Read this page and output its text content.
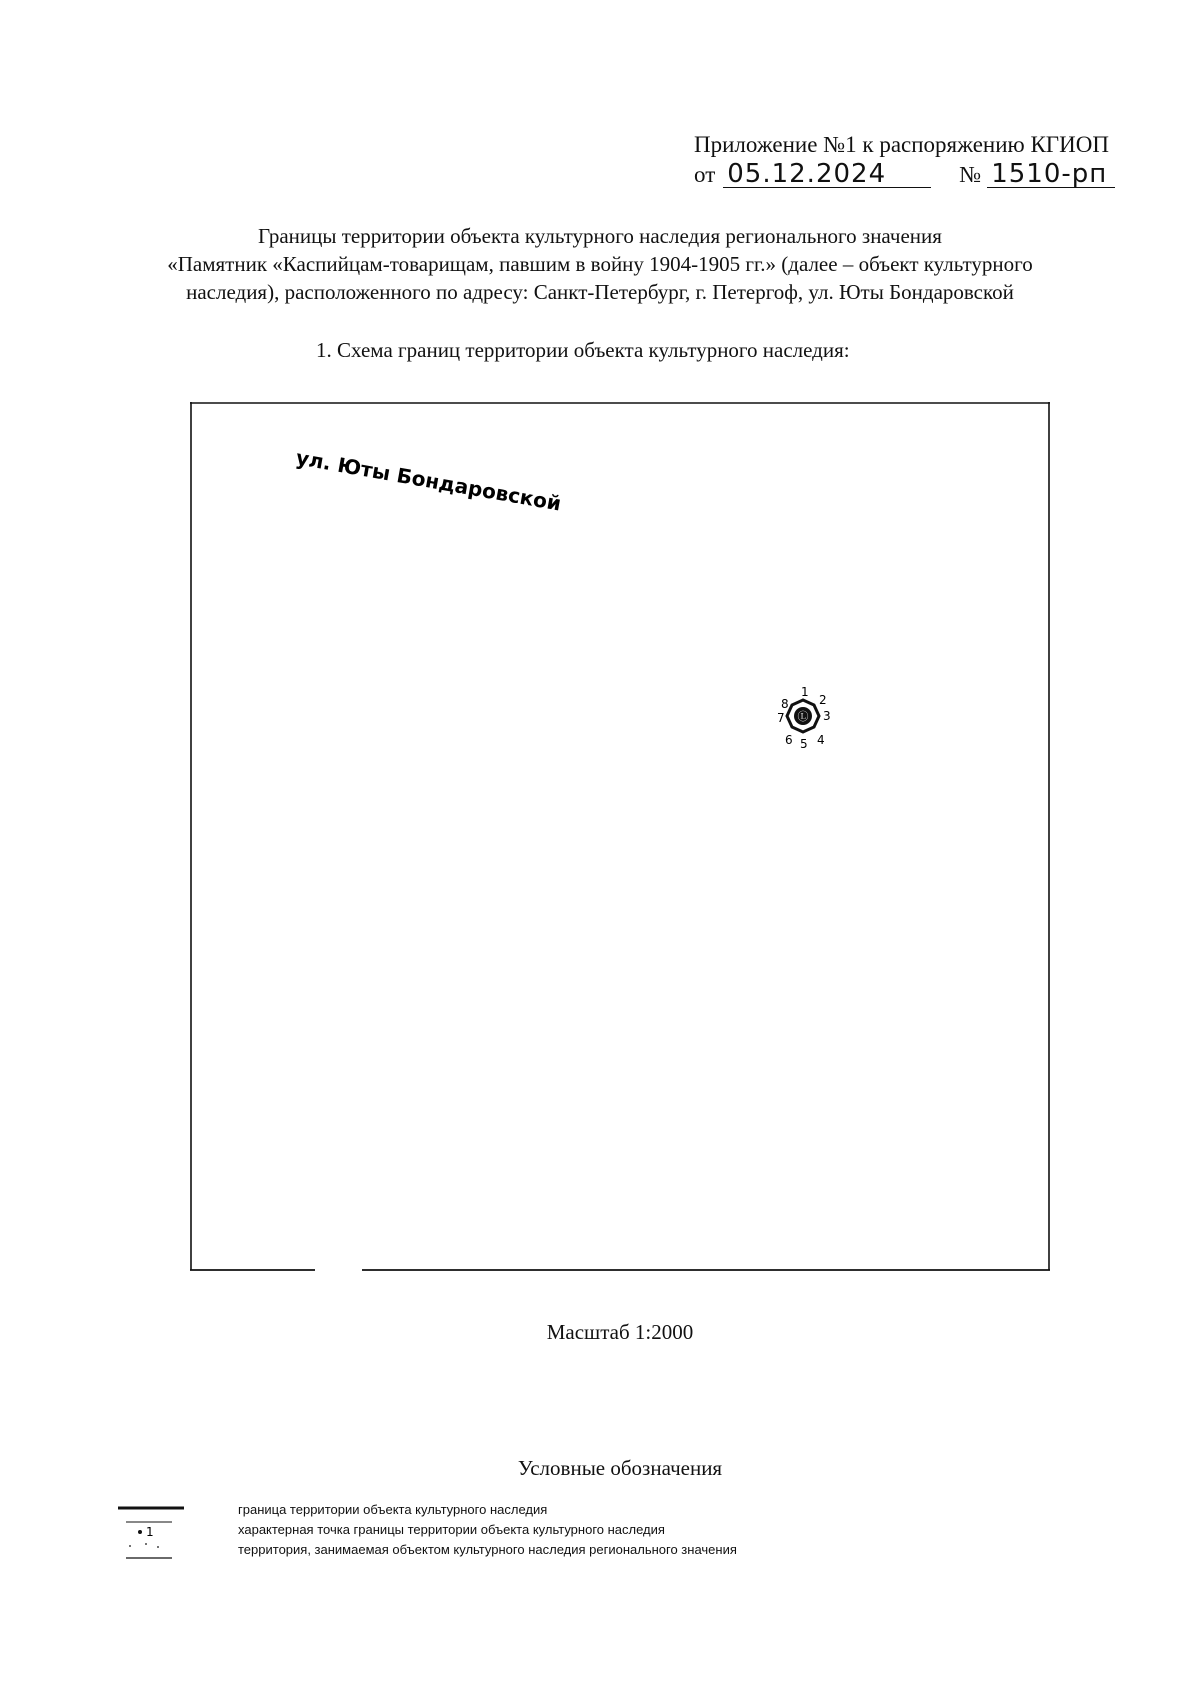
Приложение №1 к распоряжению КГИОП
от 05.12.2024	№ 1510-рп
Границы территории объекта культурного наследия регионального значения
«Памятник «Каспийцам-товарищам, павшим в войну 1904-1905 гг.» (далее – объект культурного
наследия), расположенного по адресу: Санкт-Петербург, г. Петергоф, ул. Юты Бондаровской
1. Схема границ территории объекта культурного наследия:
ул. Юты Бондаровской
Ⓛ
1
2
3
4
5
6
7
8
Масштаб 1:2000
Условные обозначения
граница территории объекта культурного наследия
1	характерная точка границы территории объекта культурного наследия
территория, занимаемая объектом культурного наследия регионального значения
